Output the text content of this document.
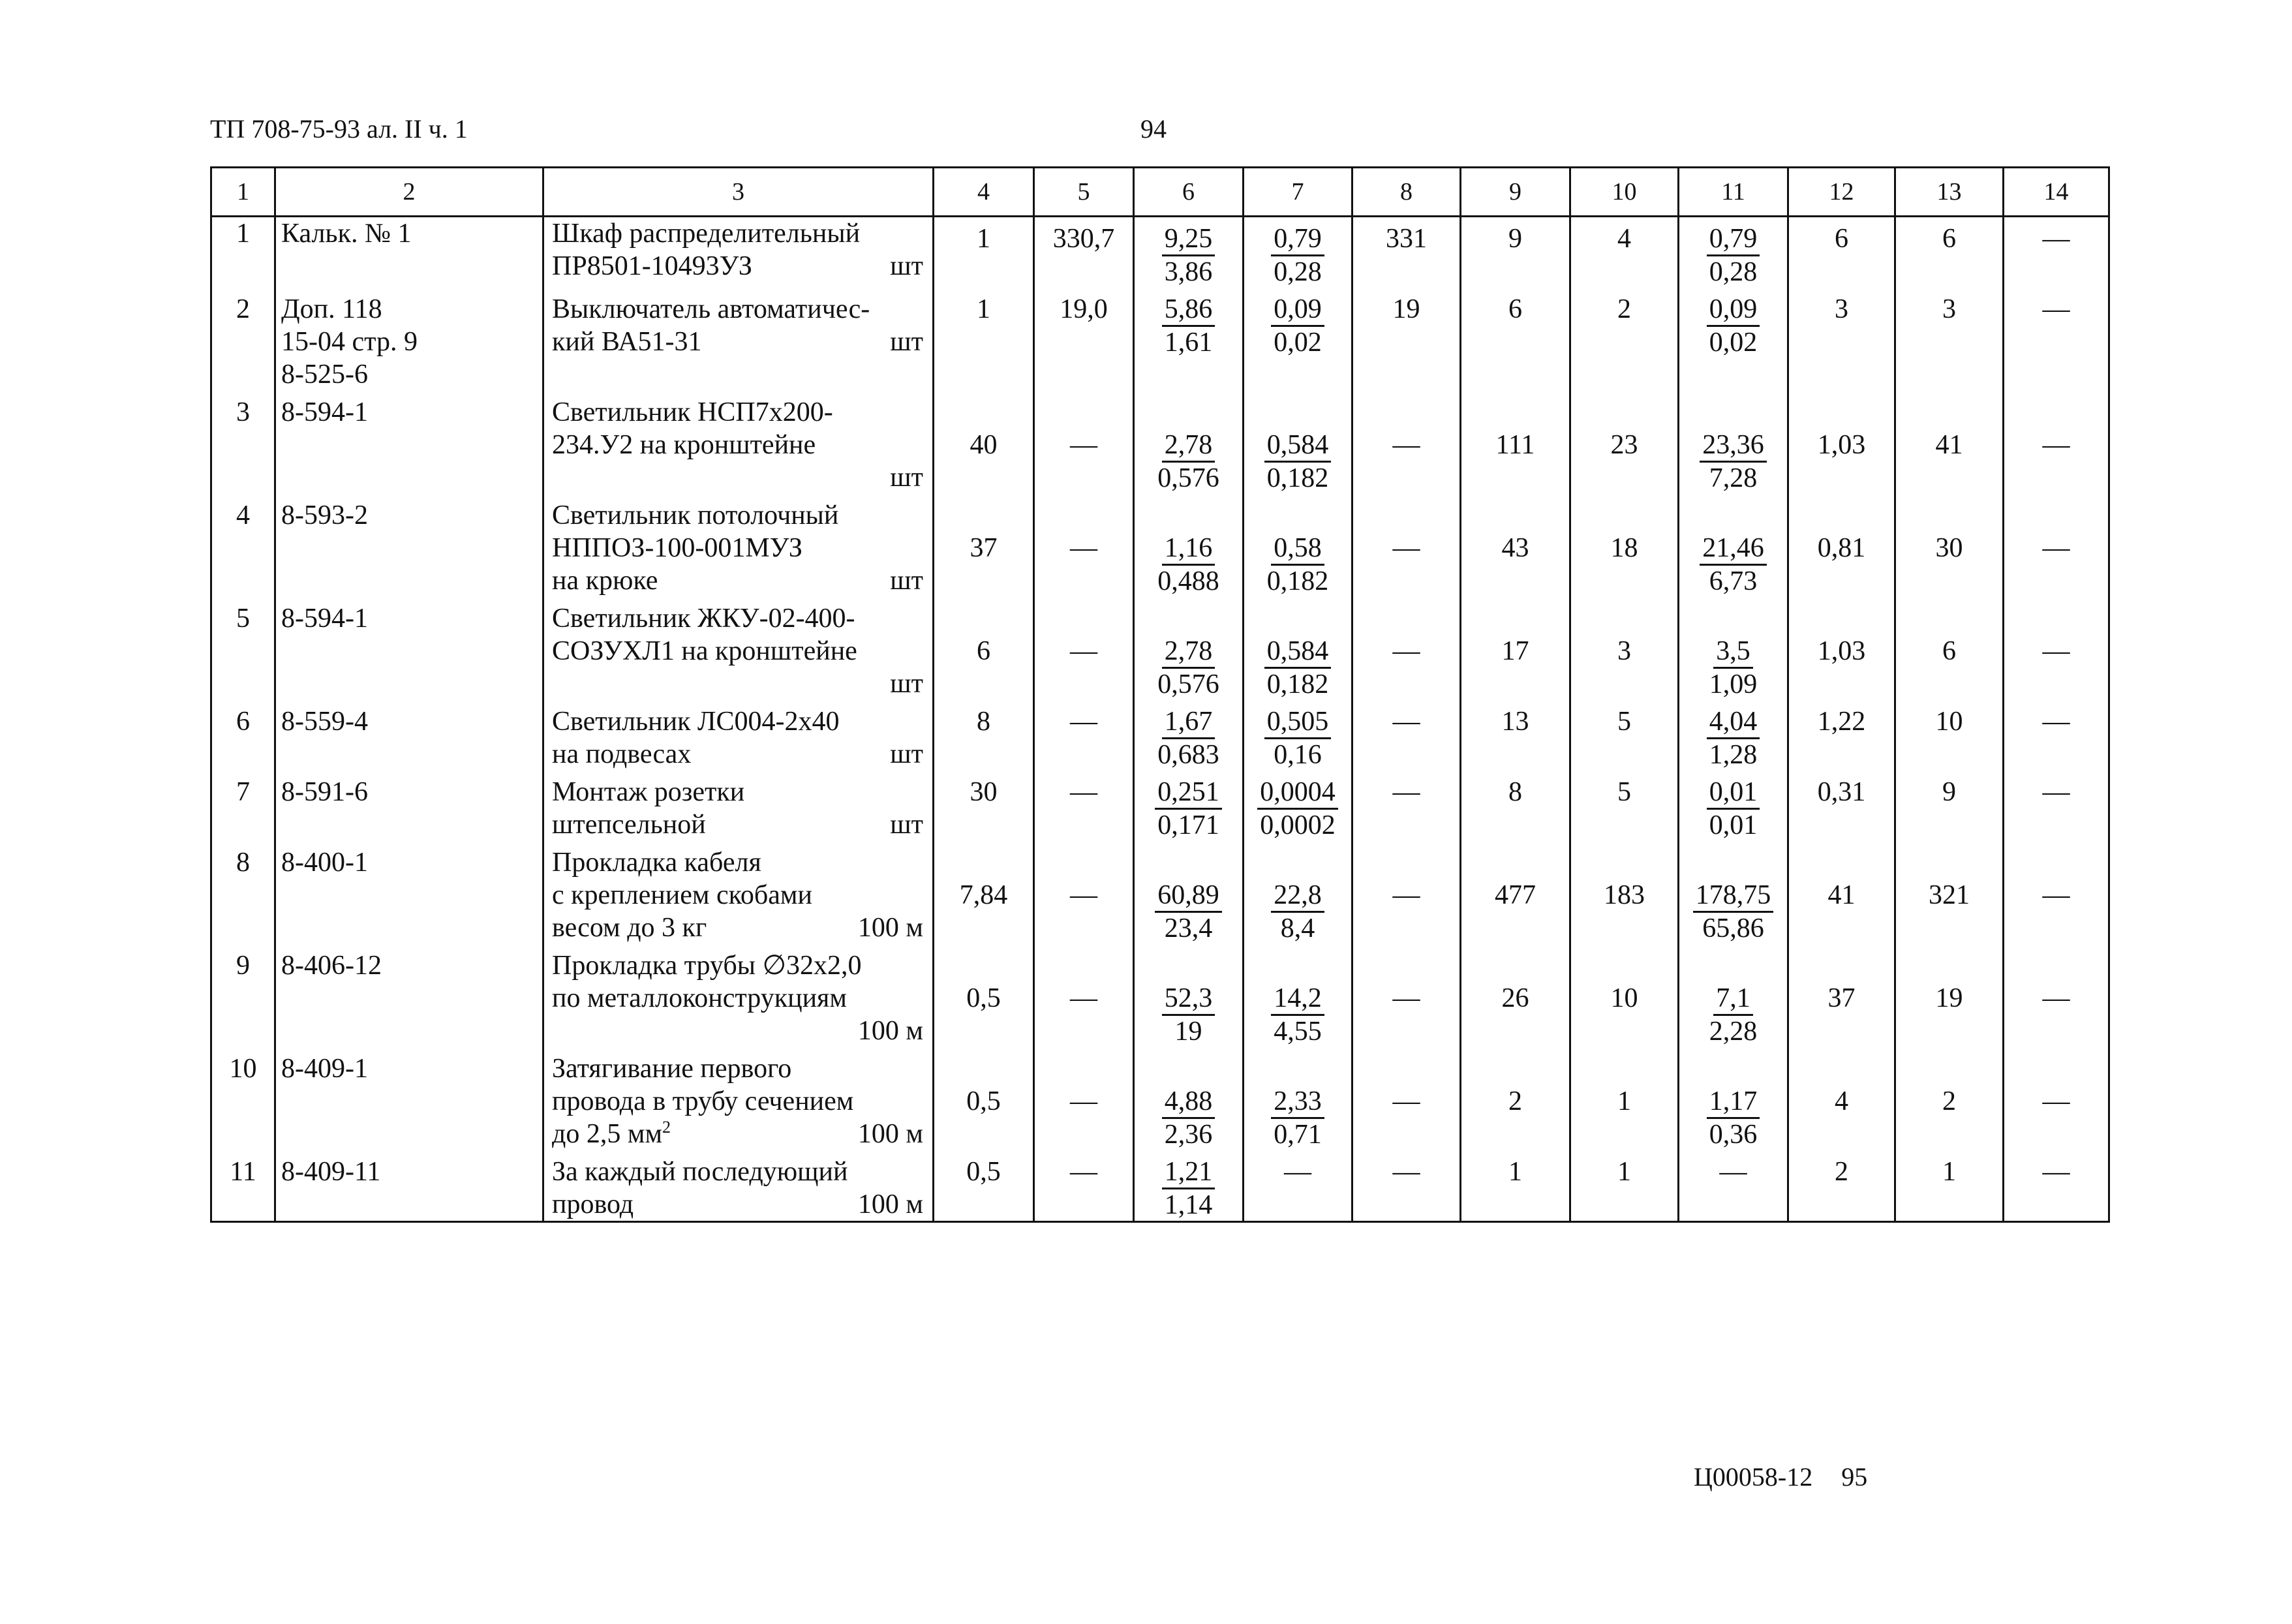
ТП 708-75-93 ал. II ч. 1	94
1	2	3	4	5	6	7	8	9	10	11	12	13	14
1	Кальк. № 1	Шкаф распределительный
ПР8501-10493УЗ шт	1	330,7	$\frac{9,25}{3,86}$	$\frac{0,79}{0,28}$	331	9	4	$\frac{0,79}{0,28}$	6	6	—
2	Доп. 118
15-04 стр. 9
8-525-6	Выключатель автоматичес-
кий ВА51-31 шт	1	19,0	$\frac{5,86}{1,61}$	$\frac{0,09}{0,02}$	19	6	2	$\frac{0,09}{0,02}$	3	3	—
3	8-594-1	Светильник НСП7х200-
234.У2 на кронштейне
шт	40	—	$\frac{2,78}{0,576}$	$\frac{0,584}{0,182}$	—	111	23	$\frac{23,36}{7,28}$	1,03	41	—
4	8-593-2	Светильник потолочный
НППОЗ-100-001МУЗ
на крюке шт	37	—	$\frac{1,16}{0,488}$	$\frac{0,58}{0,182}$	—	43	18	$\frac{21,46}{6,73}$	0,81	30	—
5	8-594-1	Светильник ЖКУ-02-400-
СОЗУХЛ1 на кронштейне
шт	6	—	$\frac{2,78}{0,576}$	$\frac{0,584}{0,182}$	—	17	3	$\frac{3,5}{1,09}$	1,03	6	—
6	8-559-4	Светильник ЛС004-2х40
на подвесах шт	8	—	$\frac{1,67}{0,683}$	$\frac{0,505}{0,16}$	—	13	5	$\frac{4,04}{1,28}$	1,22	10	—
7	8-591-6	Монтаж розетки
штепсельной шт	30	—	$\frac{0,251}{0,171}$	$\frac{0,0004}{0,0002}$	—	8	5	$\frac{0,01}{0,01}$	0,31	9	—
8	8-400-1	Прокладка кабеля
с креплением скобами
весом до 3 кг 100 м	7,84	—	$\frac{60,89}{23,4}$	$\frac{22,8}{8,4}$	—	477	183	$\frac{178,75}{65,86}$	41	321	—
9	8-406-12	Прокладка трубы ∅32х2,0
по металлоконструкциям
100 м	0,5	—	$\frac{52,3}{19}$	$\frac{14,2}{4,55}$	—	26	10	$\frac{7,1}{2,28}$	37	19	—
10	8-409-1	Затягивание первого
провода в трубу сечением
до 2,5 $мм^2$ 100 м	0,5	—	$\frac{4,88}{2,36}$	$\frac{2,33}{0,71}$	—	2	1	$\frac{1,17}{0,36}$	4	2	—
11	8-409-11	За каждый последующий
провод 100 м	0,5	—	$\frac{1,21}{1,14}$	—	—	1	1	—	2	1	—
Ц00058-12 95
